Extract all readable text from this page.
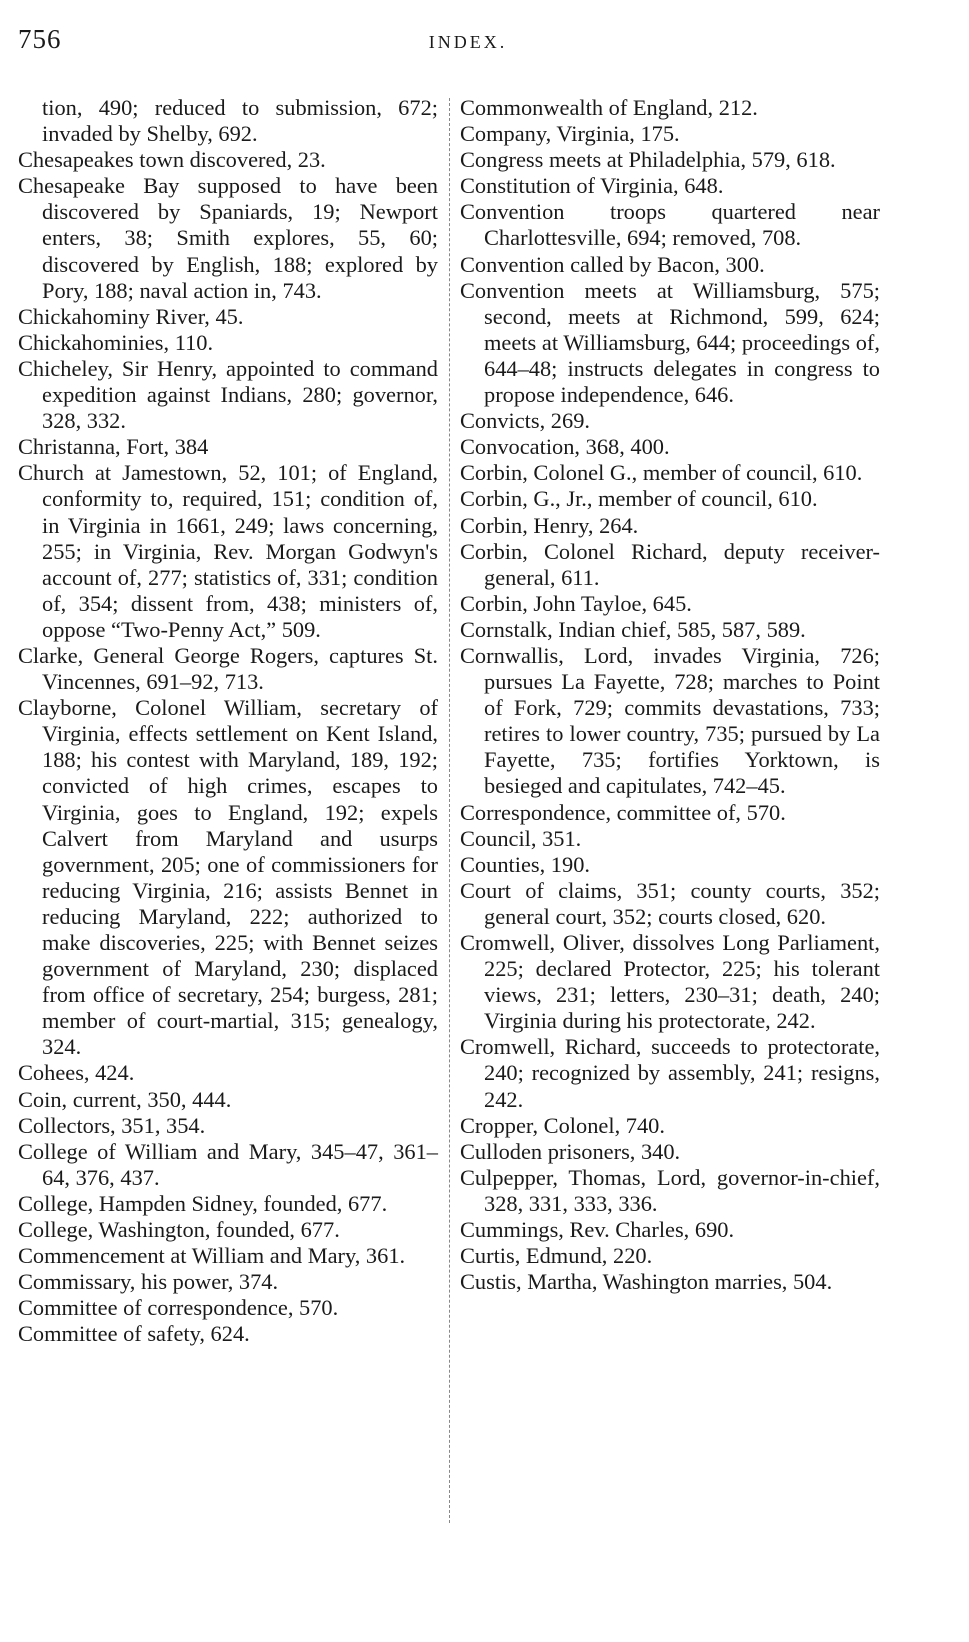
756	INDEX.

tion, 490; reduced to submission, 672; invaded by Shelby, 692.

Chesapeakes town discovered, 23.

Chesapeake Bay supposed to have been discovered by Spaniards, 19; Newport enters, 38; Smith explores, 55, 60; discovered by English, 188; explored by Pory, 188; naval action in, 743.

Chickahominy River, 45.

Chickahominies, 110.

Chicheley, Sir Henry, appointed to command expedition against Indians, 280; governor, 328, 332.

Christanna, Fort, 384

Church at Jamestown, 52, 101; of England, conformity to, required, 151; condition of, in Virginia in 1661, 249; laws concerning, 255; in Virginia, Rev. Morgan Godwyn's account of, 277; statistics of, 331; condition of, 354; dissent from, 438; ministers of, oppose “Two-Penny Act,” 509.

Clarke, General George Rogers, captures St. Vincennes, 691–92, 713.

Clayborne, Colonel William, secretary of Virginia, effects settlement on Kent Island, 188; his contest with Maryland, 189, 192; convicted of high crimes, escapes to Virginia, goes to England, 192; expels Calvert from Maryland and usurps government, 205; one of commissioners for reducing Virginia, 216; assists Bennet in reducing Maryland, 222; authorized to make discoveries, 225; with Bennet seizes government of Maryland, 230; displaced from office of secretary, 254; burgess, 281; member of court-martial, 315; genealogy, 324.

Cohees, 424.

Coin, current, 350, 444.

Collectors, 351, 354.

College of William and Mary, 345–47, 361–64, 376, 437.

College, Hampden Sidney, founded, 677.

College, Washington, founded, 677.

Commencement at William and Mary, 361.

Commissary, his power, 374.

Committee of correspondence, 570.

Committee of safety, 624.

Commonwealth of England, 212.

Company, Virginia, 175.

Congress meets at Philadelphia, 579, 618.

Constitution of Virginia, 648.

Convention troops quartered near Charlottesville, 694; removed, 708.

Convention called by Bacon, 300.

Convention meets at Williamsburg, 575; second, meets at Richmond, 599, 624; meets at Williamsburg, 644; proceedings of, 644–48; instructs delegates in congress to propose independence, 646.

Convicts, 269.

Convocation, 368, 400.

Corbin, Colonel G., member of council, 610.

Corbin, G., Jr., member of council, 610.

Corbin, Henry, 264.

Corbin, Colonel Richard, deputy receiver-general, 611.

Corbin, John Tayloe, 645.

Cornstalk, Indian chief, 585, 587, 589.

Cornwallis, Lord, invades Virginia, 726; pursues La Fayette, 728; marches to Point of Fork, 729; commits devastations, 733; retires to lower country, 735; pursued by La Fayette, 735; fortifies Yorktown, is besieged and capitulates, 742–45.

Correspondence, committee of, 570.

Council, 351.

Counties, 190.

Court of claims, 351; county courts, 352; general court, 352; courts closed, 620.

Cromwell, Oliver, dissolves Long Parliament, 225; declared Protector, 225; his tolerant views, 231; letters, 230–31; death, 240; Virginia during his protectorate, 242.

Cromwell, Richard, succeeds to protectorate, 240; recognized by assembly, 241; resigns, 242.

Cropper, Colonel, 740.

Culloden prisoners, 340.

Culpepper, Thomas, Lord, governor-in-chief, 328, 331, 333, 336.

Cummings, Rev. Charles, 690.

Curtis, Edmund, 220.

Custis, Martha, Washington marries, 504.
